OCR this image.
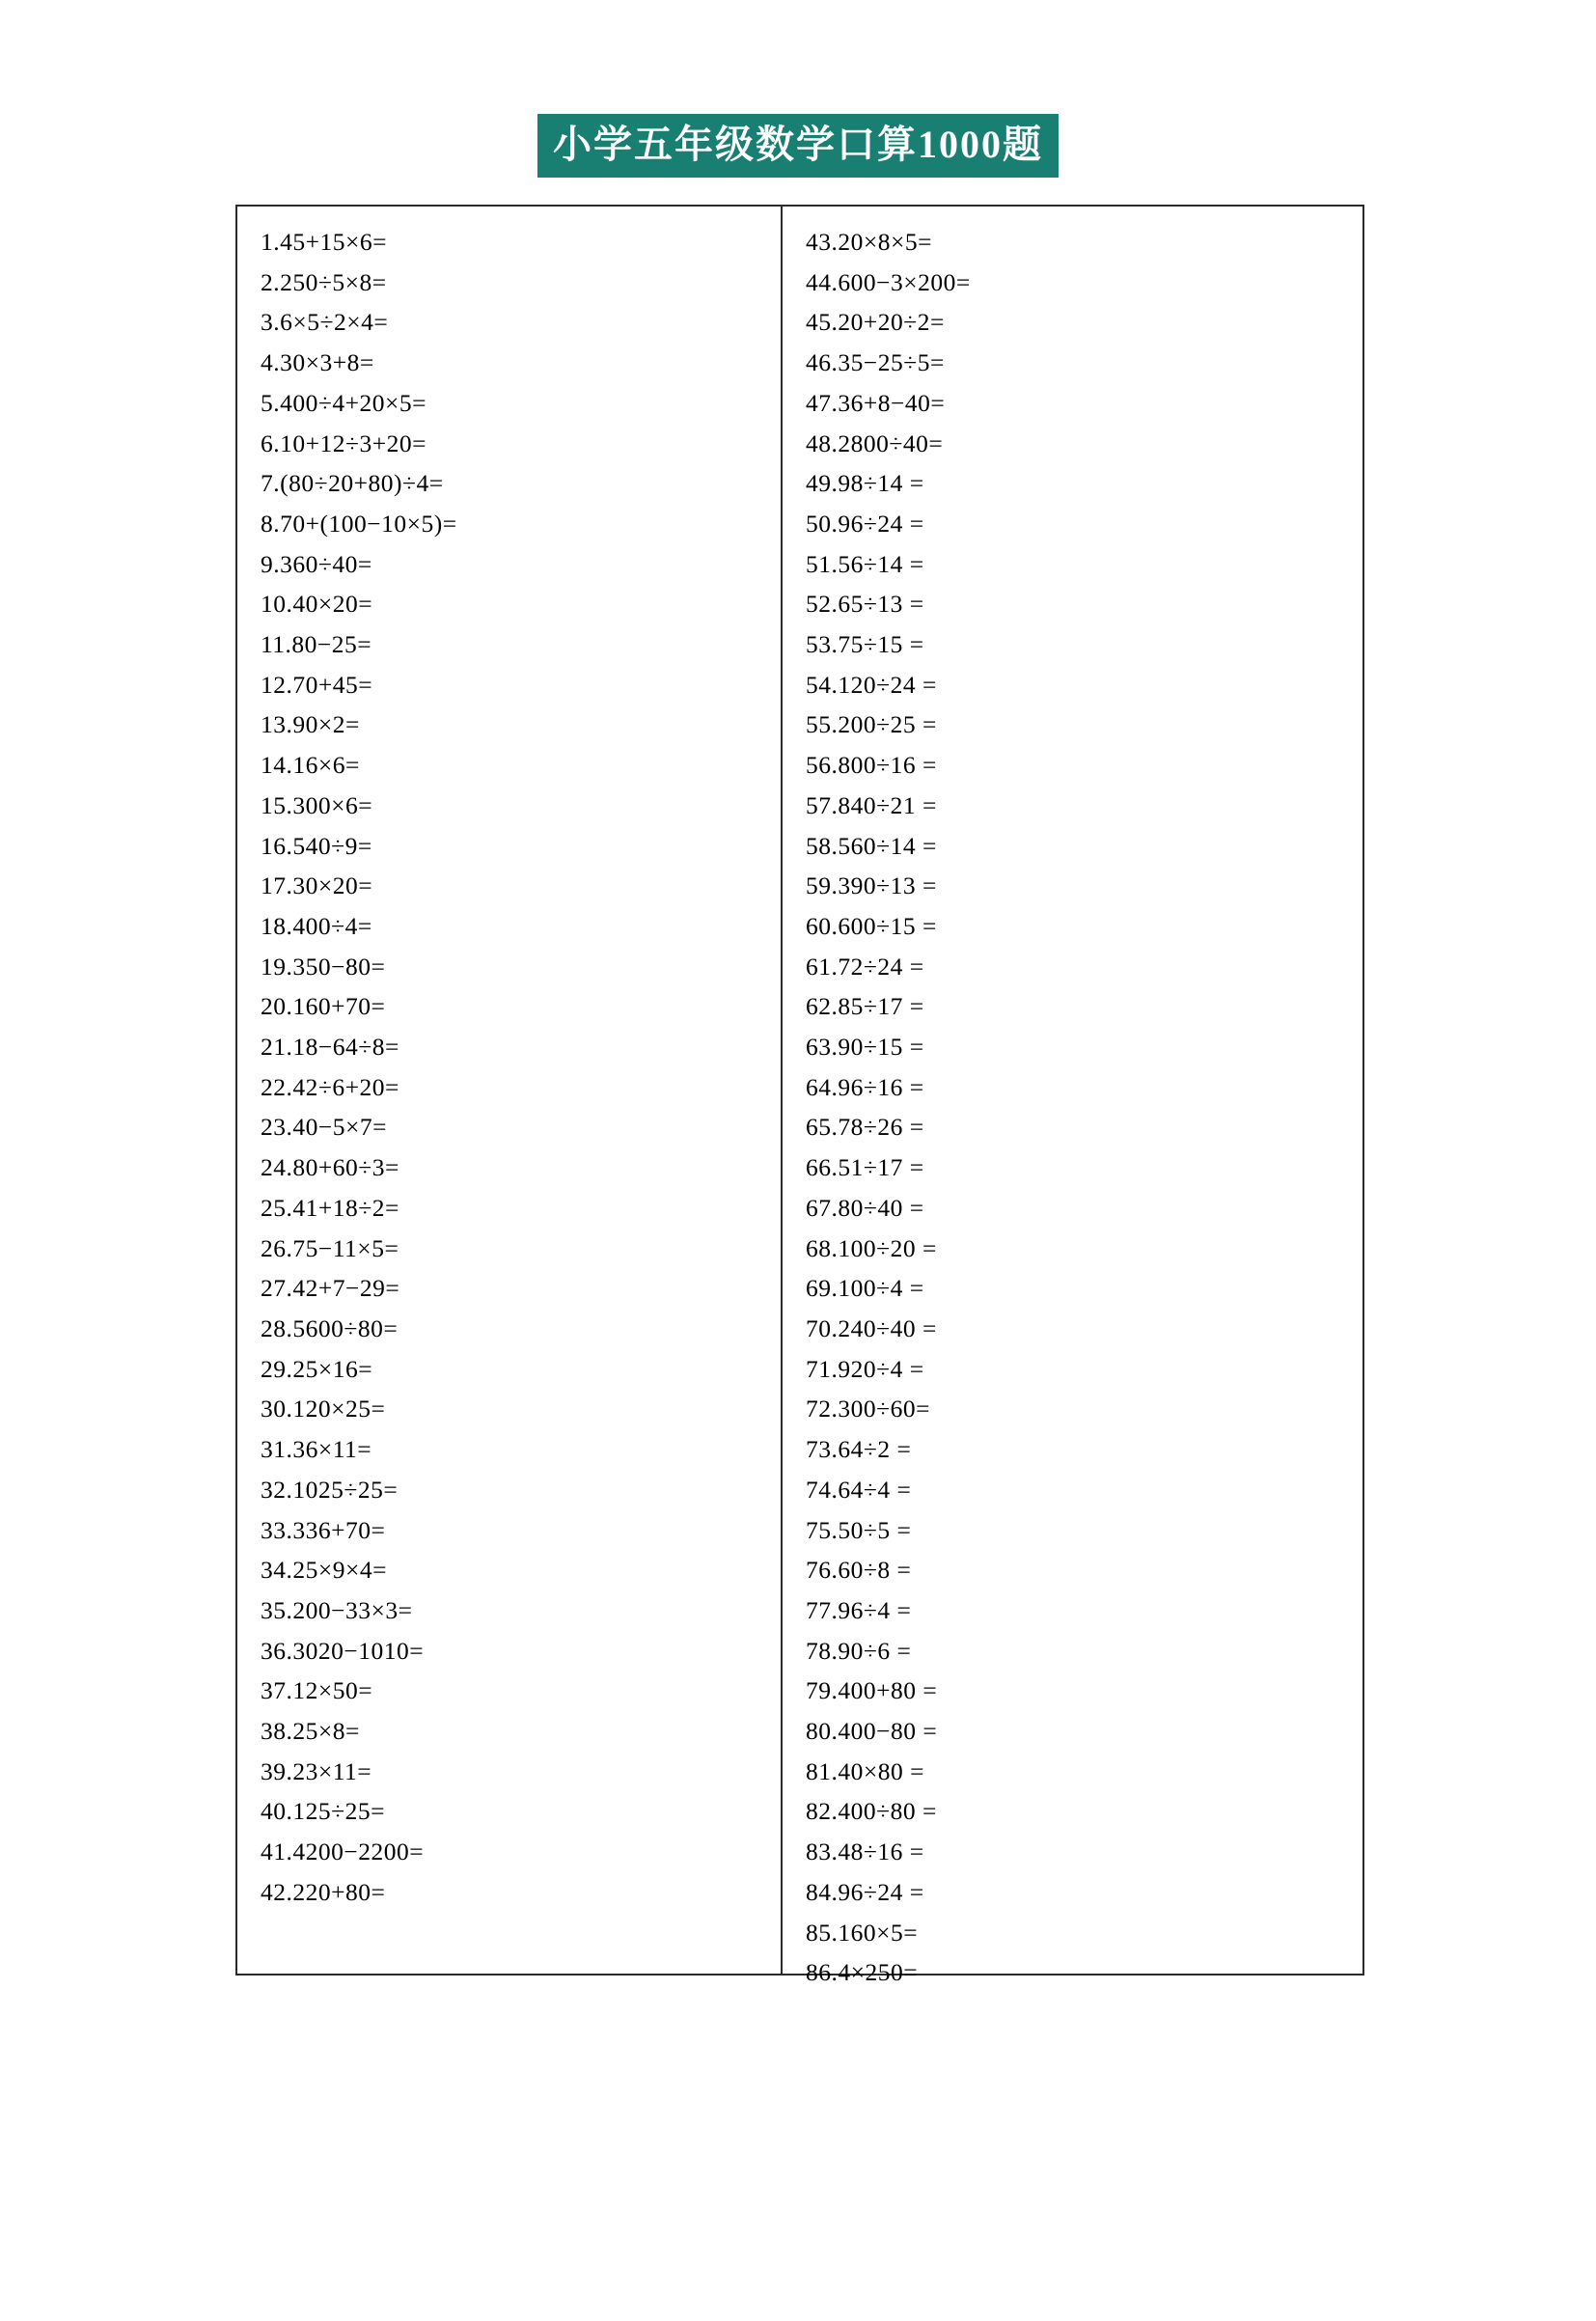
小学五年级数学口算1000题
1.45+15×6=
2.250÷5×8=
3.6×5÷2×4=
4.30×3+8=
5.400÷4+20×5=
6.10+12÷3+20=
7.(80÷20+80)÷4=
8.70+(100−10×5)=
9.360÷40=
10.40×20=
11.80−25=
12.70+45=
13.90×2=
14.16×6=
15.300×6=
16.540÷9=
17.30×20=
18.400÷4=
19.350−80=
20.160+70=
21.18−64÷8=
22.42÷6+20=
23.40−5×7=
24.80+60÷3=
25.41+18÷2=
26.75−11×5=
27.42+7−29=
28.5600÷80=
29.25×16=
30.120×25=
31.36×11=
32.1025÷25=
33.336+70=
34.25×9×4=
35.200−33×3=
36.3020−1010=
37.12×50=
38.25×8=
39.23×11=
40.125÷25=
41.4200−2200=
42.220+80=
43.20×8×5=
44.600−3×200=
45.20+20÷2=
46.35−25÷5=
47.36+8−40=
48.2800÷40=
49.98÷14 =
50.96÷24 =
51.56÷14 =
52.65÷13 =
53.75÷15 =
54.120÷24 =
55.200÷25 =
56.800÷16 =
57.840÷21 =
58.560÷14 =
59.390÷13 =
60.600÷15 =
61.72÷24 =
62.85÷17 =
63.90÷15 =
64.96÷16 =
65.78÷26 =
66.51÷17 =
67.80÷40 =
68.100÷20 =
69.100÷4 =
70.240÷40 =
71.920÷4 =
72.300÷60=
73.64÷2 =
74.64÷4 =
75.50÷5 =
76.60÷8 =
77.96÷4 =
78.90÷6 =
79.400+80 =
80.400−80 =
81.40×80 =
82.400÷80 =
83.48÷16 =
84.96÷24 =
85.160×5=
86.4×250=
